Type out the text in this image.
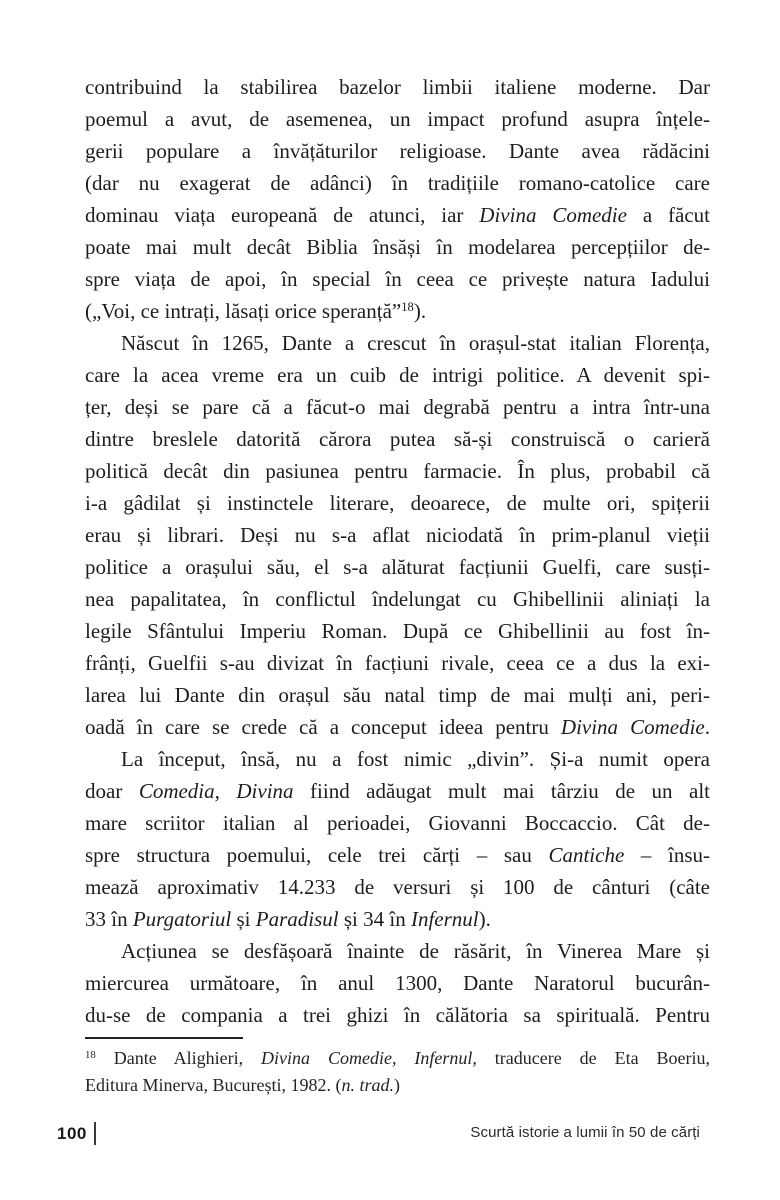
contribuind la stabilirea bazelor limbii italiene moderne. Dar
poemul a avut, de asemenea, un impact profund asupra înțele-
gerii populare a învățăturilor religioase. Dante avea rădăcini
(dar nu exagerat de adânci) în tradițiile romano-catolice care
dominau viața europeană de atunci, iar Divina Comedie a făcut
poate mai mult decât Biblia însăși în modelarea percepțiilor de-
spre viața de apoi, în special în ceea ce privește natura Iadului
(„Voi, ce intrați, lăsați orice speranță”$^{18}$).
Născut în 1265, Dante a crescut în orașul-stat italian Florența,
care la acea vreme era un cuib de intrigi politice. A devenit spi-
țer, deși se pare că a făcut-o mai degrabă pentru a intra într-una
dintre breslele datorită cărora putea să-și construiscă o carieră
politică decât din pasiunea pentru farmacie. În plus, probabil că
i-a gâdilat și instinctele literare, deoarece, de multe ori, spițerii
erau și librari. Deși nu s-a aflat niciodată în prim-planul vieții
politice a orașului său, el s-a alăturat facțiunii Guelfi, care susți-
nea papalitatea, în conflictul îndelungat cu Ghibellinii aliniați la
legile Sfântului Imperiu Roman. După ce Ghibellinii au fost în-
frânți, Guelfii s-au divizat în facțiuni rivale, ceea ce a dus la exi-
larea lui Dante din orașul său natal timp de mai mulți ani, peri-
oadă în care se crede că a conceput ideea pentru Divina Comedie.
La început, însă, nu a fost nimic „divin”. Și-a numit opera
doar Comedia, Divina fiind adăugat mult mai târziu de un alt
mare scriitor italian al perioadei, Giovanni Boccaccio. Cât de-
spre structura poemului, cele trei cărți – sau Cantiche – însu-
mează aproximativ 14.233 de versuri și 100 de cânturi (câte
33 în Purgatoriul și Paradisul și 34 în Infernul).
Acțiunea se desfășoară înainte de răsărit, în Vinerea Mare și
miercurea următoare, în anul 1300, Dante Naratorul bucurân-
du-se de compania a trei ghizi în călătoria sa spirituală. Pentru
$^{18}$ Dante Alighieri, Divina Comedie, Infernul, traducere de Eta Boeriu,
Editura Minerva, București, 1982. (n. trad.)
100	Scurtă istorie a lumii în 50 de cărți
